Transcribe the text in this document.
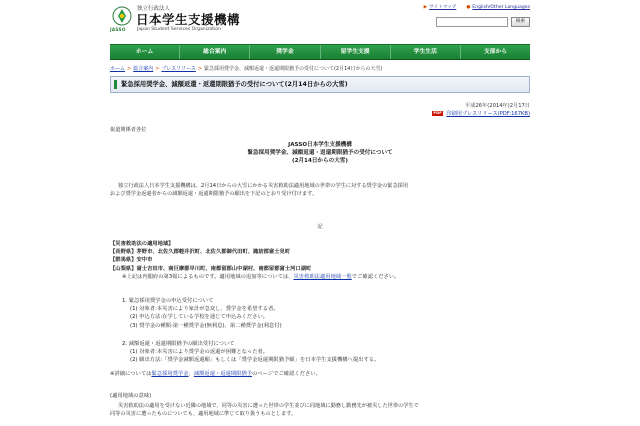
JASSO
独立行政法人
日本学生支援機構
Japan Student Services Organization
▶ サイトマップ ● English/Other Languages
検索
ホーム	総合案内	奨学金	留学生支援	学生生活	支部から
ホーム > 総合案内 > プレスリリース > 緊急採用奨学金、減額返還・返還期限猶予の受付について(2月14日からの大雪)
緊急採用奨学金、減額返還・返還期限猶予の受付について(2月14日からの大雪)
平成26年(2014年)2月17日
PDF 印刷用プレスリリース(PDF:167KB)
報道関係者各位
JASSO日本学生支援機構
緊急採用奨学金、減額返還・返還期限猶予の受付について
(2月14日からの大雪)
独立行政法人日本学生支援機構は、2月14日からの大雪にかかる災害救助法適用地域の世帯の学生に対する奨学金の緊急採用
および奨学金返還者からの減額返還・返還期限猶予の願出を下記のとおり受け付けます。
記
【災害救助法の適用地域】
【長野県】茅野市、北佐久郡軽井沢町、北佐久郡御代田町、諏訪郡富士見町
【群馬県】安中市
【山梨県】富士吉田市、南巨摩郡早川町、南都留郡山中湖村、南都留郡富士河口湖町
※上記は内閣府の第3報によるものです。適用地域の追加等については、災害救助法適用地域一覧でご確認ください。
1. 緊急採用奨学金の申込受付について
(1) 対象者:本災害により家計が急変し、奨学金を希望する者。
(2) 申込方法:在学している学校を通じて申込みください。
(3) 奨学金の種類:第一種奨学金(無利息)、第二種奨学金(利息付)
2. 減額返還・返還期限猶予の願出受付について
(1) 対象者:本災害により奨学金の返還が困難となった者。
(2) 願出方法:「奨学金減額返還願」もしくは「奨学金返還期限猶予願」を日本学生支援機構へ提出する。
※詳細については緊急採用奨学金、減額返還・返還期限猶予のページでご確認ください。
(適用地域の意味)
災害救助法の適用を受けない近隣の地域で、同等の災害に遭った世帯の学生並びに同地域に勤務し勤務先が被災した世帯の学生で
同等の災害に遭ったものについても、適用地域に準じて取り扱うものとします。
